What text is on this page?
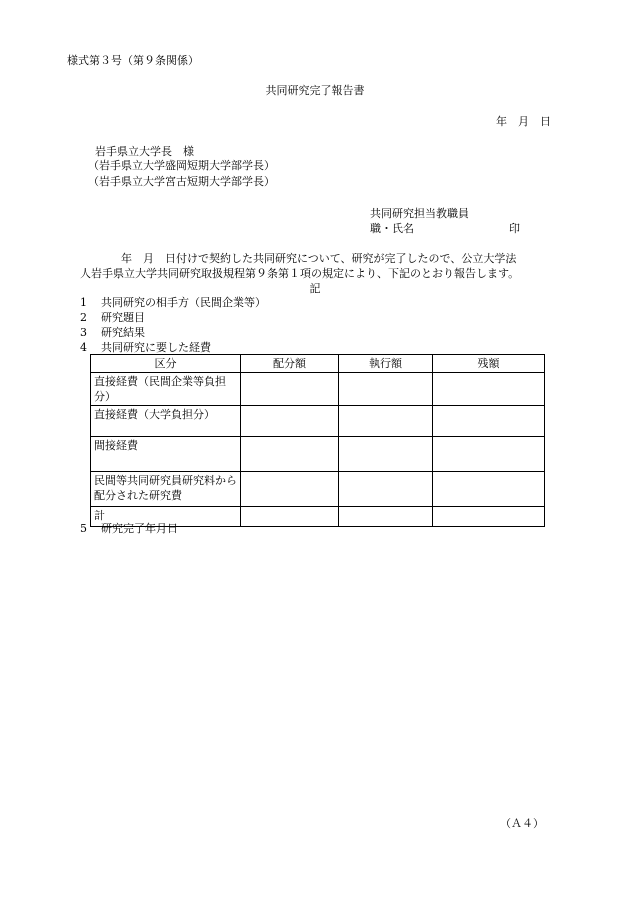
様式第３号（第９条関係）
共同研究完了報告書
年　月　日
岩手県立大学長　様
（岩手県立大学盛岡短期大学部学長）
（岩手県立大学宮古短期大学部学長）
共同研究担当教職員
職・氏名	印
年　月　日付けで契約した共同研究について、研究が完了したので、公立大学法
人岩手県立大学共同研究取扱規程第９条第１項の規定により、下記のとおり報告します。
記
1 共同研究の相手方（民間企業等）
2 研究題目
3 研究結果
4 共同研究に要した経費
区分	配分額	執行額	残額
直接経費（民間企業等負担分）			
直接経費（大学負担分）			
間接経費			
民間等共同研究員研究料から配分された研究費			
計			
5 研究完了年月日
（Ａ４）
